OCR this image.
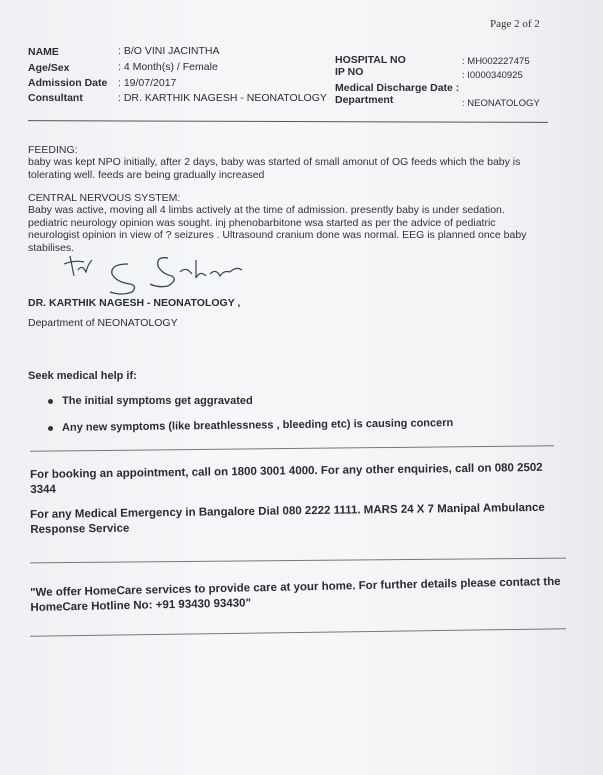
Page 2 of 2
NAME	: B/O VINI JACINTHA
Age/Sex	: 4 Month(s) / Female
Admission Date : 19/07/2017
Consultant	: DR. KARTHIK NAGESH - NEONATOLOGY
HOSPITAL NO	: MH002227475
IP NO	: I0000340925
Medical Discharge Date :
Department	: NEONATOLOGY
FEEDING:
baby was kept NPO initially, after 2 days, baby was started of small amonut of OG feeds which the baby is tolerating well. feeds are being gradually increased
CENTRAL NERVOUS SYSTEM:
Baby was active, moving all 4 limbs actively at the time of admission. presently baby is under sedation. pediatric neurology opinion was sought. inj phenobarbitone wsa started as per the advice of pediatric neurologist opinion in view of ? seizures . Ultrasound cranium done was normal. EEG is planned once baby stabilises.
DR. KARTHIK NAGESH - NEONATOLOGY ,
Department of NEONATOLOGY
Seek medical help if:
The initial symptoms get aggravated
Any new symptoms (like breathlessness , bleeding etc) is causing concern
For booking an appointment, call on 1800 3001 4000. For any other enquiries, call on 080 2502 3344
For any Medical Emergency in Bangalore Dial 080 2222 1111. MARS 24 X 7 Manipal Ambulance Response Service
"We offer HomeCare services to provide care at your home. For further details please contact the HomeCare Hotline No: +91 93430 93430"
